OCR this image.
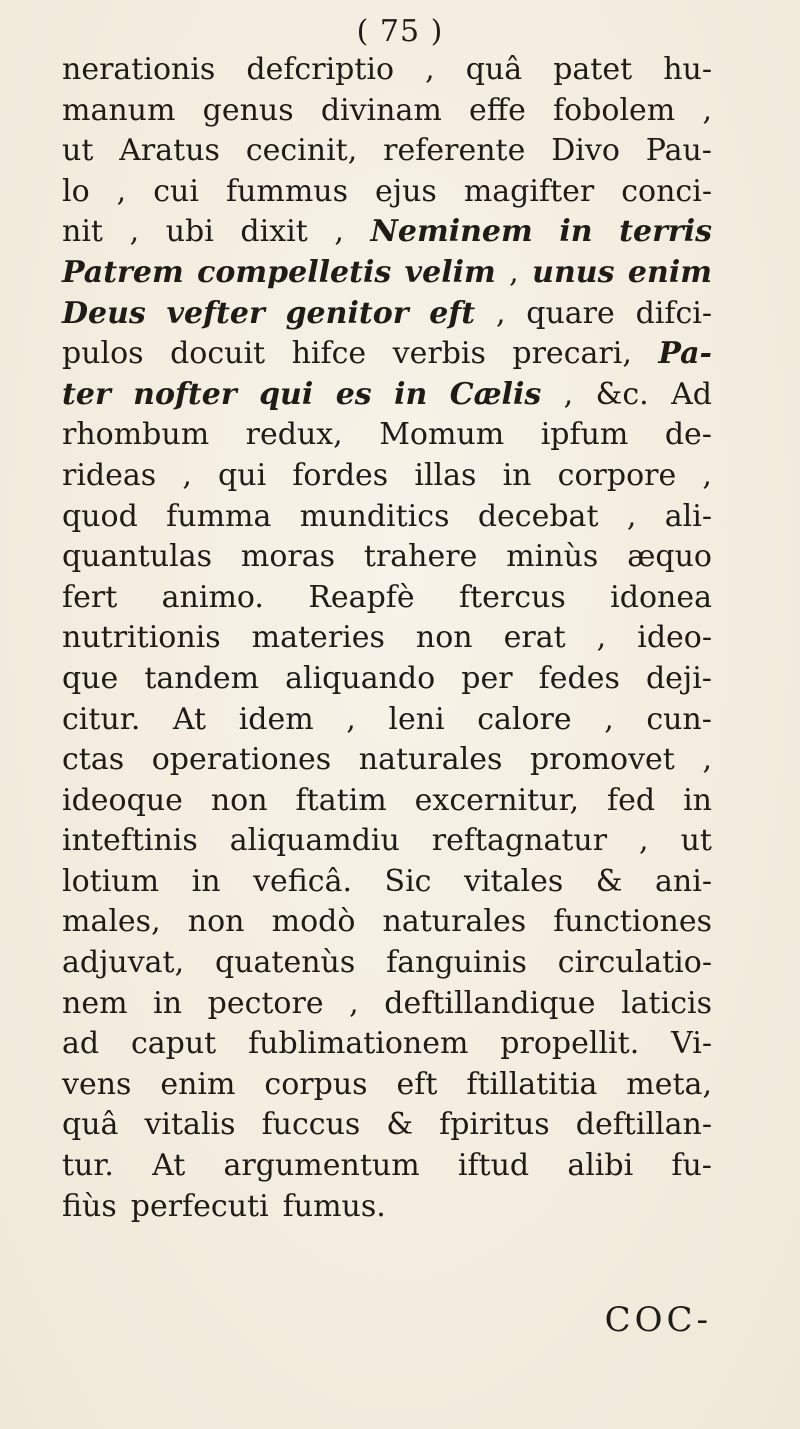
( 75 )
nerationis defcriptio , quâ patet hu-
manum genus divinam effe fobolem ,
ut Aratus cecinit, referente Divo Pau-
lo , cui fummus ejus magifter conci-
nit , ubi dixit , Neminem in terris
Patrem compelletis velim , unus enim
Deus vefter genitor eft , quare difci-
pulos docuit hifce verbis precari, Pa-
ter nofter qui es in Cælis , &c. Ad
rhombum redux, Momum ipfum de-
rideas , qui fordes illas in corpore ,
quod fumma munditics decebat , ali-
quantulas moras trahere minùs æquo
fert animo. Reapfè ftercus idonea
nutritionis materies non erat , ideo-
que tandem aliquando per fedes deji-
citur. At idem , leni calore , cun-
ctas operationes naturales promovet ,
ideoque non ftatim excernitur, fed in
inteftinis aliquamdiu reftagnatur , ut
lotium in veficâ. Sic vitales & ani-
males, non modò naturales functiones
adjuvat, quatenùs fanguinis circulatio-
nem in pectore , deftillandique laticis
ad caput fublimationem propellit. Vi-
vens enim corpus eft ftillatitia meta,
quâ vitalis fuccus & fpiritus deftillan-
tur. At argumentum iftud alibi fu-
fiùs perfecuti fumus.
COC-
